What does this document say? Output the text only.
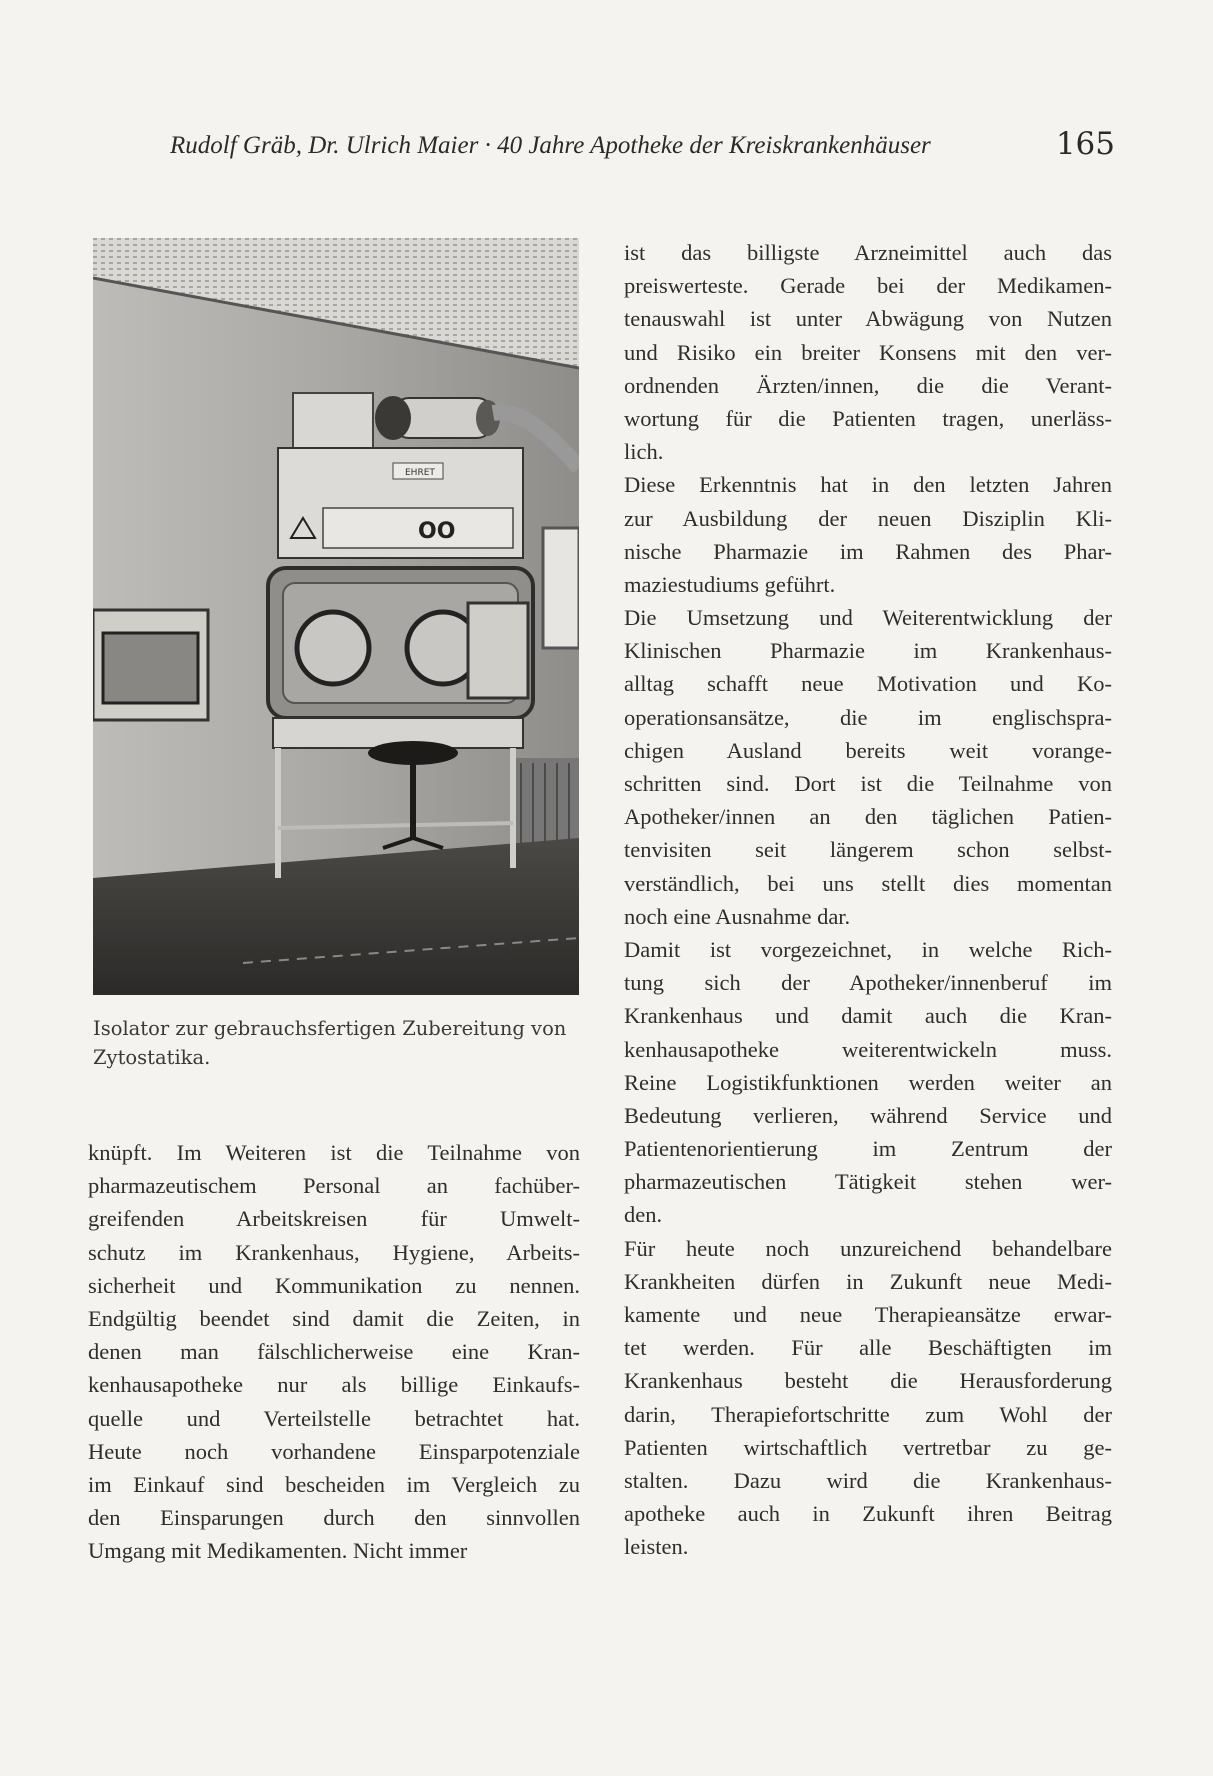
Rudolf Gräb, Dr. Ulrich Maier · 40 Jahre Apotheke der Kreiskrankenhäuser	165
OO
EHRET
Isolator zur gebrauchsfertigen Zubereitung von
Zytostatika.
knüpft. Im Weiteren ist die Teilnahme von
pharmazeutischem Personal an fachüber-
greifenden Arbeitskreisen für Umwelt-
schutz im Krankenhaus, Hygiene, Arbeits-
sicherheit und Kommunikation zu nennen.
Endgültig beendet sind damit die Zeiten, in
denen man fälschlicherweise eine Kran-
kenhausapotheke nur als billige Einkaufs-
quelle und Verteilstelle betrachtet hat.
Heute noch vorhandene Einsparpotenziale
im Einkauf sind bescheiden im Vergleich zu
den Einsparungen durch den sinnvollen
Umgang mit Medikamenten. Nicht immer
ist das billigste Arzneimittel auch das
preiswerteste. Gerade bei der Medikamen-
tenauswahl ist unter Abwägung von Nutzen
und Risiko ein breiter Konsens mit den ver-
ordnenden Ärzten/innen, die die Verant-
wortung für die Patienten tragen, unerläss-
lich.
Diese Erkenntnis hat in den letzten Jahren
zur Ausbildung der neuen Disziplin Kli-
nische Pharmazie im Rahmen des Phar-
maziestudiums geführt.
Die Umsetzung und Weiterentwicklung der
Klinischen Pharmazie im Krankenhaus-
alltag schafft neue Motivation und Ko-
operationsansätze, die im englischspra-
chigen Ausland bereits weit vorange-
schritten sind. Dort ist die Teilnahme von
Apotheker/innen an den täglichen Patien-
tenvisiten seit längerem schon selbst-
verständlich, bei uns stellt dies momentan
noch eine Ausnahme dar.
Damit ist vorgezeichnet, in welche Rich-
tung sich der Apotheker/innenberuf im
Krankenhaus und damit auch die Kran-
kenhausapotheke weiterentwickeln muss.
Reine Logistikfunktionen werden weiter an
Bedeutung verlieren, während Service und
Patientenorientierung im Zentrum der
pharmazeutischen Tätigkeit stehen wer-
den.
Für heute noch unzureichend behandelbare
Krankheiten dürfen in Zukunft neue Medi-
kamente und neue Therapieansätze erwar-
tet werden. Für alle Beschäftigten im
Krankenhaus besteht die Herausforderung
darin, Therapiefortschritte zum Wohl der
Patienten wirtschaftlich vertretbar zu ge-
stalten. Dazu wird die Krankenhaus-
apotheke auch in Zukunft ihren Beitrag
leisten.
